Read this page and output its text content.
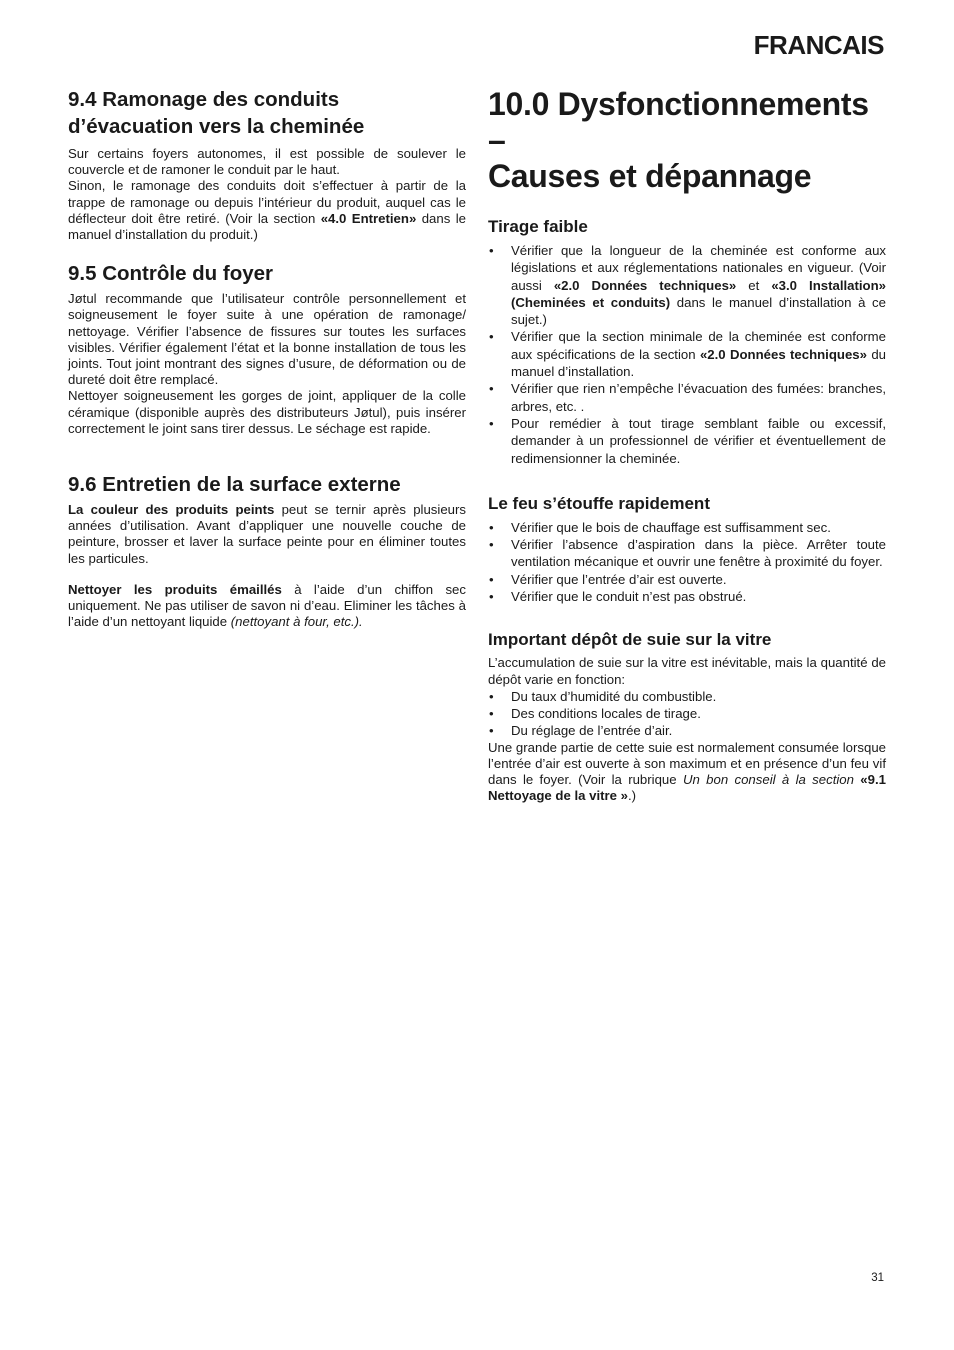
FRANCAIS
9.4 Ramonage des conduits
d’évacuation vers la cheminée

Sur certains foyers autonomes, il est possible de soulever le couvercle et de ramoner le conduit par le haut.

Sinon, le ramonage des conduits doit s’effectuer à partir de la trappe de ramonage ou depuis l’intérieur du produit, auquel cas le déflecteur doit être retiré. (Voir la section «4.0 Entretien» dans le manuel d’installation du produit.)

9.5 Contrôle du foyer

Jøtul recommande que l’utilisateur contrôle personnellement et soigneusement le foyer suite à une opération de ramonage/ nettoyage. Vérifier l’absence de fissures sur toutes les surfaces visibles. Vérifier également l’état et la bonne installation de tous les joints. Tout joint montrant des signes d’usure, de déformation ou de dureté doit être remplacé.

Nettoyer soigneusement les gorges de joint, appliquer de la colle céramique (disponible auprès des distributeurs Jøtul), puis insérer correctement le joint sans tirer dessus. Le séchage est rapide.

9.6 Entretien de la surface externe

La couleur des produits peints peut se ternir après plusieurs années d’utilisation. Avant d’appliquer une nouvelle couche de peinture, brosser et laver la surface peinte pour en éliminer toutes les particules.

Nettoyer les produits émaillés à l’aide d’un chiffon sec uniquement. Ne pas utiliser de savon ni d’eau. Eliminer les tâches à l’aide d’un nettoyant liquide (nettoyant à four, etc.).

10.0 Dysfonctionnements –
Causes et dépannage
Tirage faible
• Vérifier que la longueur de la cheminée est conforme aux législations et aux réglementations nationales en vigueur. (Voir aussi «2.0 Données techniques» et «3.0 Installation» (Cheminées et conduits) dans le manuel d’installation à ce sujet.)
• Vérifier que la section minimale de la cheminée est conforme aux spécifications de la section «2.0 Données techniques» du manuel d’installation.
• Vérifier que rien n’empêche l’évacuation des fumées: branches, arbres, etc. .
• Pour remédier à tout tirage semblant faible ou excessif, demander à un professionnel de vérifier et éventuellement de redimensionner la cheminée.
Le feu s’étouffe rapidement
• Vérifier que le bois de chauffage est suffisamment sec.
• Vérifier l’absence d’aspiration dans la pièce. Arrêter toute ventilation mécanique et ouvrir une fenêtre à proximité du foyer.
• Vérifier que l’entrée d’air est ouverte.
• Vérifier que le conduit n’est pas obstrué.
Important dépôt de suie sur la vitre

L’accumulation de suie sur la vitre est inévitable, mais la quantité de dépôt varie en fonction:

• Du taux d’humidité du combustible.
• Des conditions locales de tirage.
• Du réglage de l’entrée d’air.

Une grande partie de cette suie est normalement consumée lorsque l’entrée d’air est ouverte à son maximum et en présence d’un feu vif dans le foyer. (Voir la rubrique Un bon conseil à la section «9.1 Nettoyage de la vitre ».)

31
